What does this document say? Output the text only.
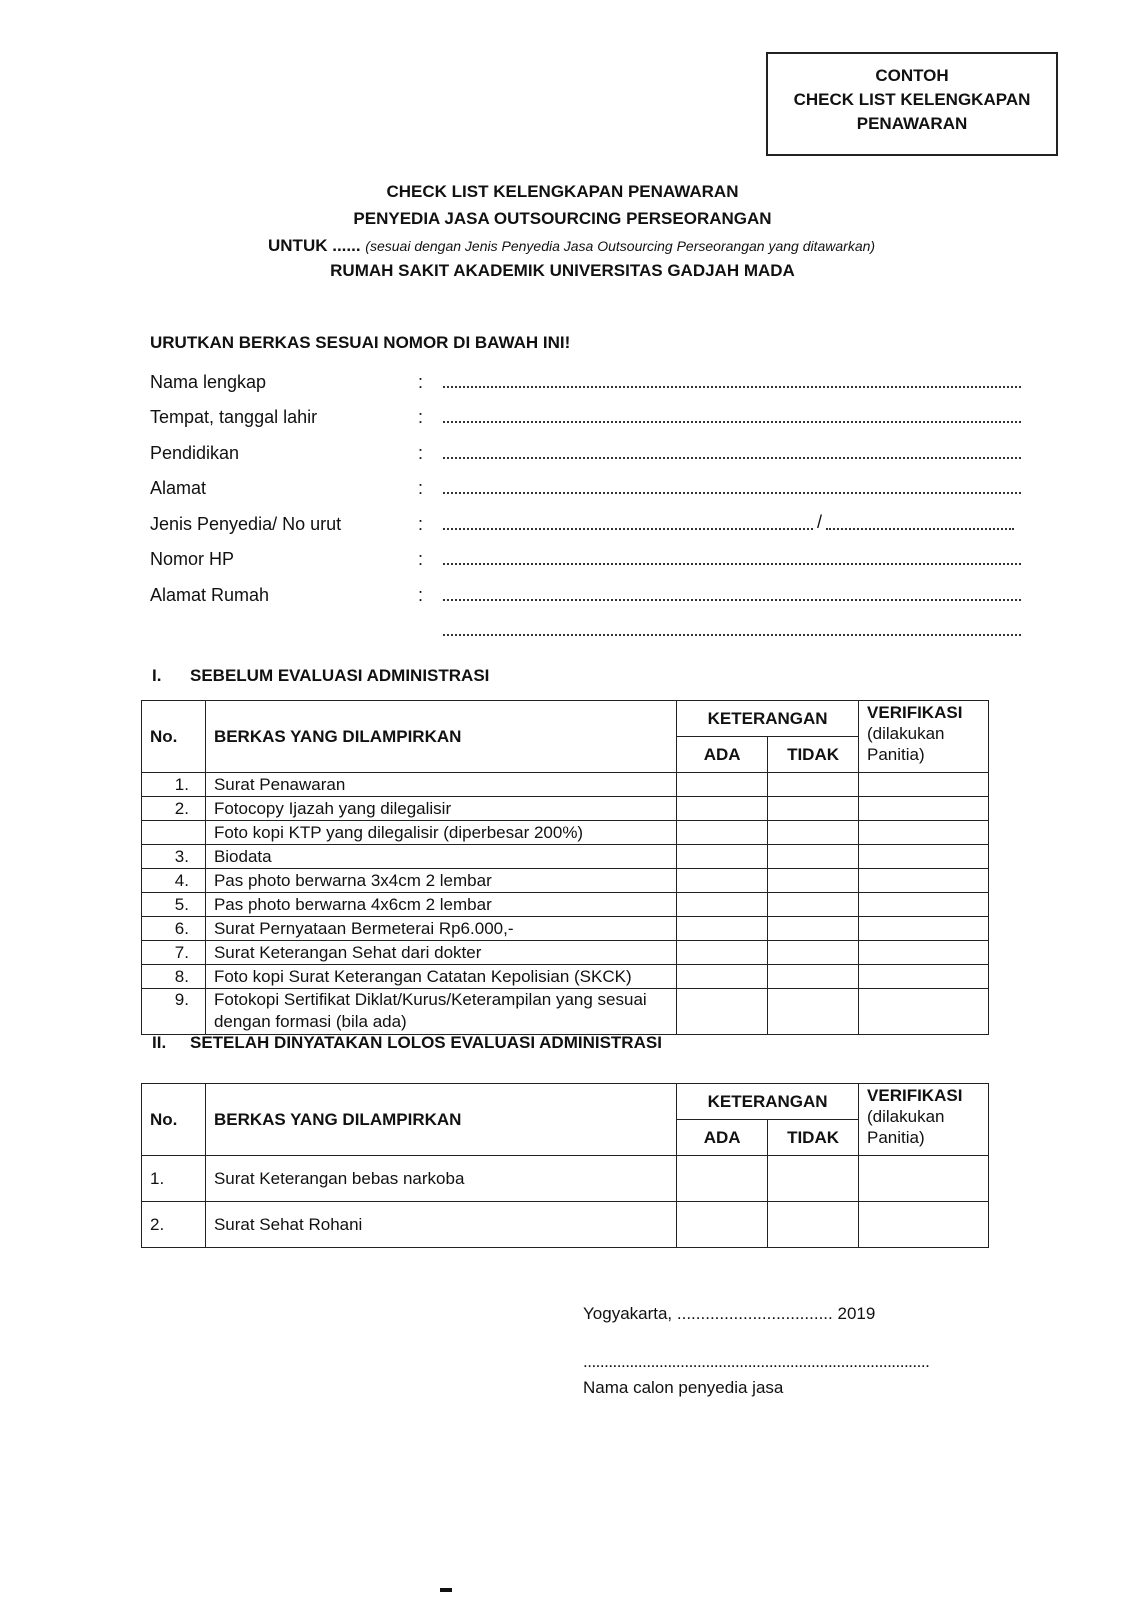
CONTOH
CHECK LIST KELENGKAPAN
PENAWARAN
CHECK LIST KELENGKAPAN PENAWARAN
PENYEDIA JASA OUTSOURCING PERSEORANGAN
UNTUK ...... (sesuai dengan Jenis Penyedia Jasa Outsourcing Perseorangan yang ditawarkan)
RUMAH SAKIT AKADEMIK UNIVERSITAS GADJAH MADA
URUTKAN BERKAS SESUAI NOMOR DI BAWAH INI!
Nama lengkap	:
Tempat, tanggal lahir	:
Pendidikan	:
Alamat	:
Jenis Penyedia/ No urut	:	/
Nomor HP	:
Alamat Rumah	:
I. SEBELUM EVALUASI ADMINISTRASI
No.	BERKAS YANG DILAMPIRKAN	KETERANGAN		VERIFIKASI
(dilakukan
Panitia)

		ADA	TIDAK	
1.	Surat Penawaran			
2.	Fotocopy Ijazah yang dilegalisir			
	Foto kopi KTP yang dilegalisir (diperbesar 200%)			
3.	Biodata			
4.	Pas photo berwarna 3x4cm 2 lembar			
5.	Pas photo berwarna 4x6cm 2 lembar			
6.	Surat Pernyataan Bermeterai Rp6.000,-			
7.	Surat Keterangan Sehat dari dokter			
8.	Foto kopi Surat Keterangan Catatan Kepolisian (SKCK)			
9.	Fotokopi Sertifikat Diklat/Kurus/Keterampilan yang sesuai
dengan formasi (bila ada)			

II. SETELAH DINYATAKAN LOLOS EVALUASI ADMINISTRASI
No.	BERKAS YANG DILAMPIRKAN	KETERANGAN		VERIFIKASI
(dilakukan
Panitia)

		ADA	TIDAK	
1.	Surat Keterangan bebas narkoba			
2.	Surat Sehat Rohani			
Yogyakarta, ................................. 2019
..................................................................................
Nama calon penyedia jasa
